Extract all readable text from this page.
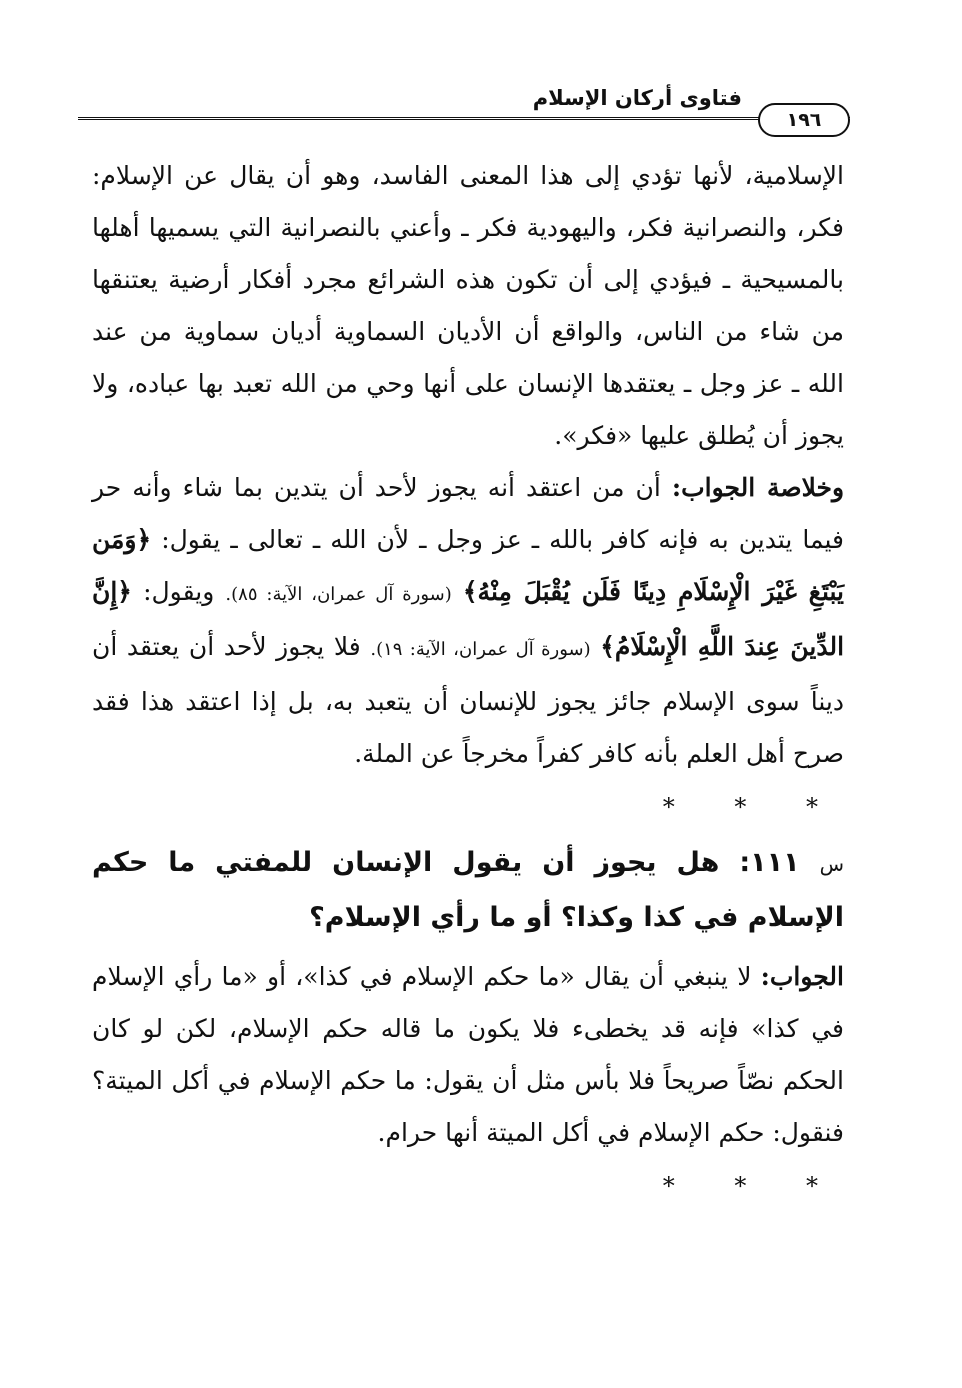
فتاوى أركان الإسلام
١٩٦

الإسلامية، لأنها تؤدي إلى هذا المعنى الفاسد، وهو أن يقال عن الإسلام: فكر، والنصرانية فكر، واليهودية فكر ـ وأعني بالنصرانية التي يسميها أهلها بالمسيحية ـ فيؤدي إلى أن تكون هذه الشرائع مجرد أفكار أرضية يعتنقها من شاء من الناس، والواقع أن الأديان السماوية أديان سماوية من عند الله ـ عز وجل ـ يعتقدها الإنسان على أنها وحي من الله تعبد بها عباده، ولا يجوز أن يُطلق عليها «فكر».

وخلاصة الجواب: أن من اعتقد أنه يجوز لأحد أن يتدين بما شاء وأنه حر فيما يتدين به فإنه كافر بالله ـ عز وجل ـ لأن الله ـ تعالى ـ يقول: ﴿وَمَن يَبْتَغِ غَيْرَ الْإِسْلَامِ دِينًا فَلَن يُقْبَلَ مِنْهُ﴾ (سورة آل عمران، الآية: ٨٥). ويقول: ﴿إِنَّ الدِّينَ عِندَ اللَّهِ الْإِسْلَامُ﴾ (سورة آل عمران، الآية: ١٩). فلا يجوز لأحد أن يعتقد أن ديناً سوى الإسلام جائز يجوز للإنسان أن يتعبد به، بل إذا اعتقد هذا فقد صرح أهل العلم بأنه كافر كفراً مخرجاً عن الملة.

* * *

س ١١١: هل يجوز أن يقول الإنسان للمفتي ما حكم الإسلام في كذا وكذا؟ أو ما رأي الإسلام؟

الجواب: لا ينبغي أن يقال «ما حكم الإسلام في كذا»، أو «ما رأي الإسلام في كذا» فإنه قد يخطىء فلا يكون ما قاله حكم الإسلام، لكن لو كان الحكم نصّاً صريحاً فلا بأس مثل أن يقول: ما حكم الإسلام في أكل الميتة؟ فنقول: حكم الإسلام في أكل الميتة أنها حرام.

* * *
